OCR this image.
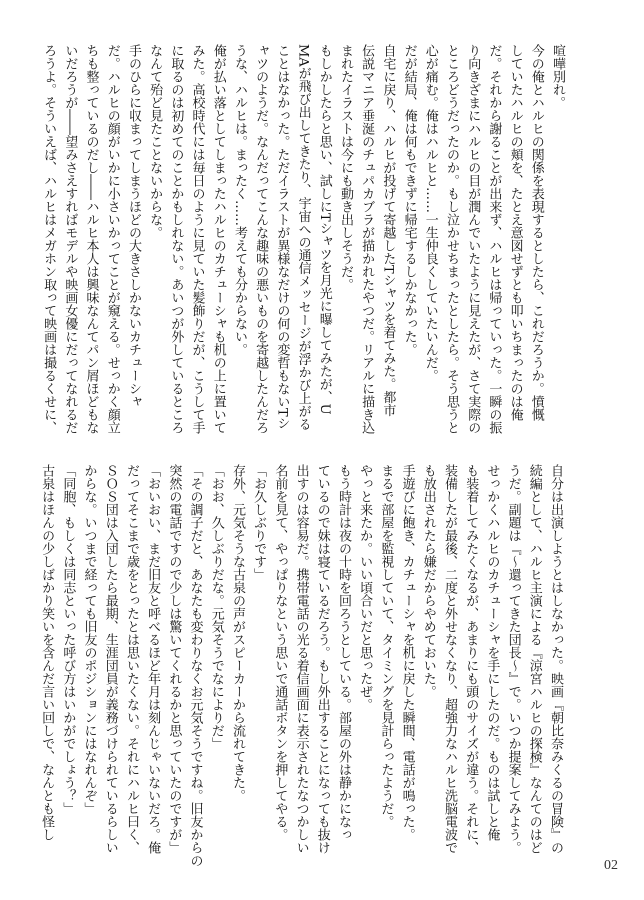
喧嘩別れ。
今の俺とハルヒの関係を表現するとしたら、これだろうか。憤慨
していたハルヒの頬を、たとえ意図せずとも叩いちまったのは俺
だ。それから謝ることが出来ず、ハルヒは帰っていった。一瞬の振
り向きざまにハルヒの目が潤んでいたように見えたが、さて実際の
ところどうだったのか。もし泣かせちまったとしたら。そう思うと
心が痛む。俺はハルヒと……一生仲良くしていたいんだ。
だが結局、俺は何もできずに帰宅するしかなかった。
自宅に戻り、ハルヒが投げて寄越したTシャツを着てみた。都市
伝説マニア垂涎のチュパカブラが描かれたやつだ。リアルに描き込
まれたイラストは今にも動き出しそうだ。
もしかしたらと思い、試しにTシャツを月光に曝してみたが、U
MAが飛び出してきたり、宇宙への通信メッセージが浮かび上がる
ことはなかった。ただイラストが異様なだけの何の変哲もないTシ
ャツのようだ。なんだってこんな趣味の悪いものを寄越したんだろ
うな、ハルヒは。まったく……考えても分からない。
俺が払い落としてしまったハルヒのカチューシャも机の上に置いて
みた。高校時代には毎日のように見ていた髪飾りだが、こうして手
に取るのは初めてのことかもしれない。あいつが外しているところ
なんて殆ど見たことないからな。
手のひらに収まってしまうほどの大きさしかないカチューシャ
だ。ハルヒの顔がいかに小さいかってことが窺える。せっかく顔立
ちも整っているのだし――ハルヒ本人は興味なんてパン屑ほどもな
いだろうが――望みさえすればモデルや映画女優にだってなれるだ
ろうよ。そういえば、ハルヒはメガホン取って映画は撮るくせに、
自分は出演しようとはしなかった。映画『朝比奈みくるの冒険』の
続編として、ハルヒ主演による『涼宮ハルヒの探検』なんてのはど
うだ。副題は『～還ってきた団長～』で。いつか提案してみよう。
せっかくハルヒのカチューシャを手にしたのだ。ものは試しと俺
も装着してみたくなるが、あまりにも頭のサイズが違う。それに、
装備したが最後、二度と外せなくなり、超強力なハルヒ洗脳電波で
も放出されたら嫌だからやめておいた。
手遊びに飽き、カチューシャを机に戻した瞬間、電話が鳴った。
まるで部屋を監視していて、タイミングを見計らったようだ。
やっと来たか。いい頃合いだと思ったぜ。
もう時計は夜の十時を回ろうとしている。部屋の外は静かになっ
ているので妹は寝ているだろう。もし外出することになっても抜け
出すのは容易だ。携帯電話の光る着信画面に表示されたなつかしい
名前を見て、やっぱりなという思いで通話ボタンを押してやる。
「お久しぶりです」
存外、元気そうな古泉の声がスピーカーから流れてきた。
「おお、久しぶりだな。元気そうでなによりだ」
「その調子だと、あなたも変わりなくお元気そうですね。旧友からの
突然の電話ですので少しは驚いてくれるかと思っていたのですが」
「おいおい、まだ旧友と呼べるほど年月は刻んじゃいないだろ。俺
だってそこまで歳をとったとは思いたくない。それにハルヒ曰く、
ＳＯＳ団は入団したら最期、生涯団員が義務づけられているらしい
からな。いつまで経っても旧友のポジションにはなれんぞ」
「同胞、もしくは同志といった呼び方はいかがでしょう？」
古泉はほんの少しばかり笑いを含んだ言い回しで、なんとも怪し
02
